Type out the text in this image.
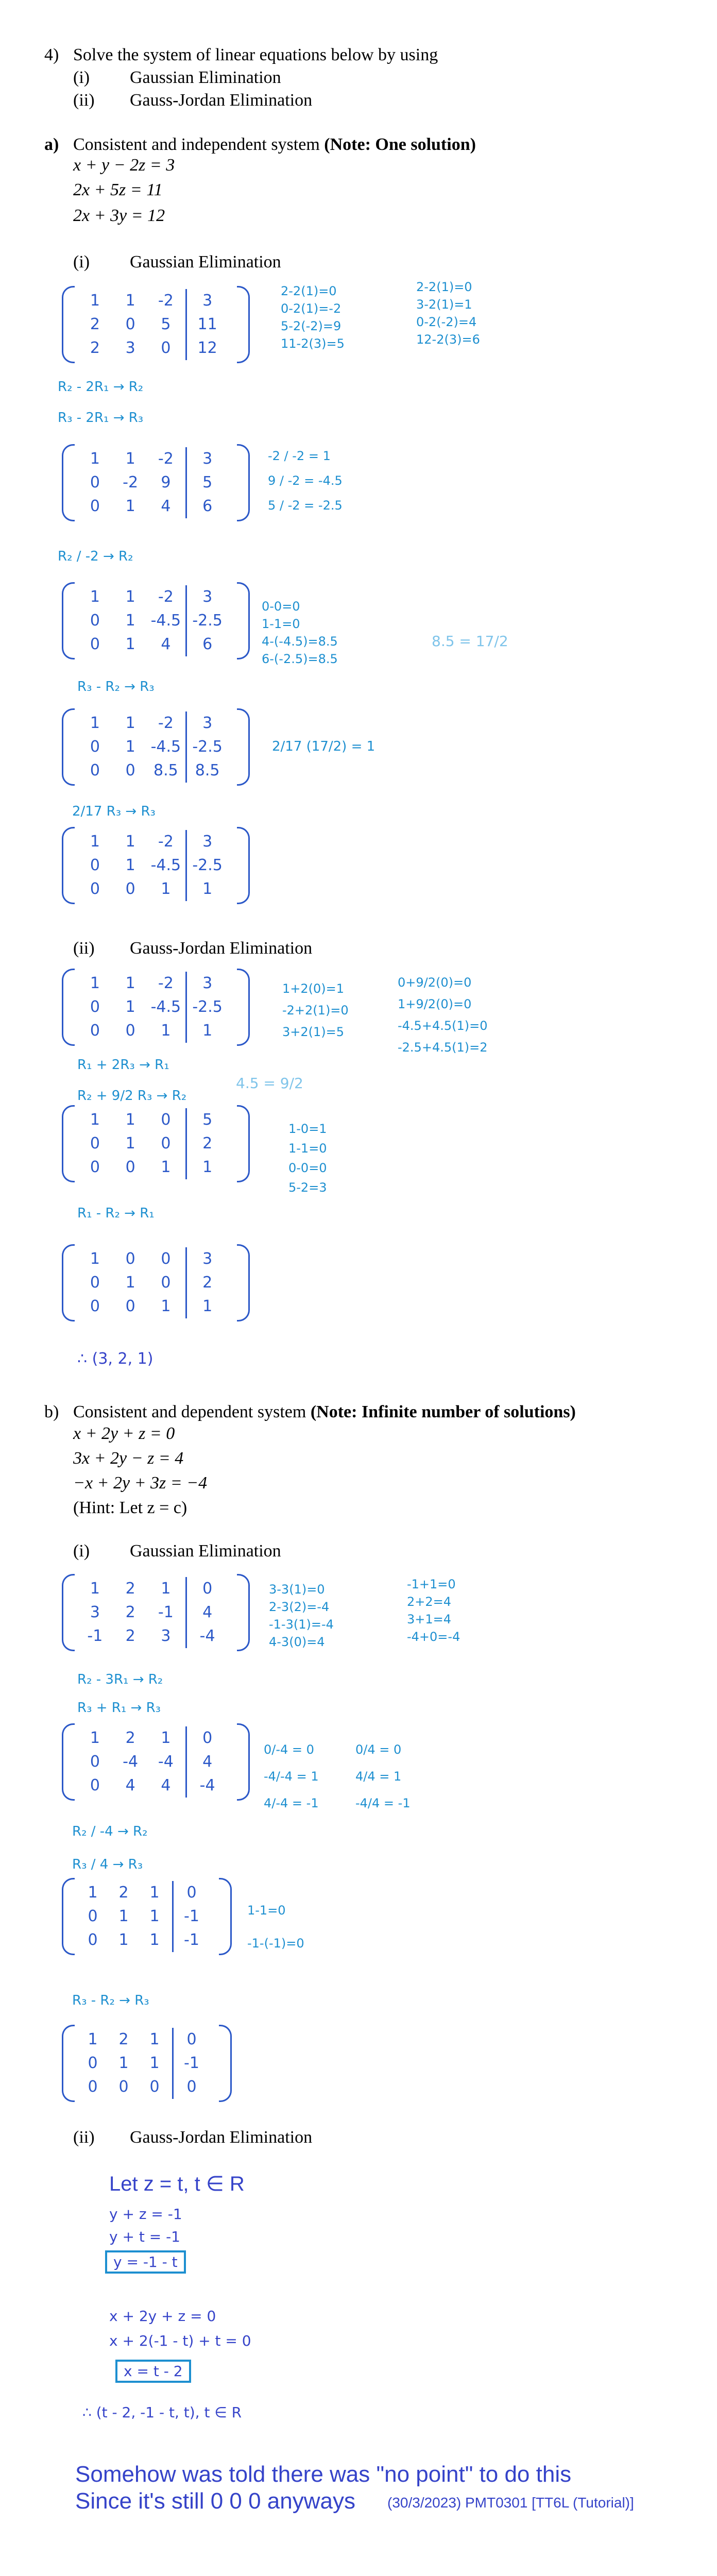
4) Solve the system of linear equations below by using
(i) Gaussian Elimination
(ii) Gauss-Jordan Elimination
a) Consistent and independent system (Note: One solution)
x + y − 2z = 3
2x + 5z = 11
2x + 3y = 12
(i) Gaussian Elimination
1	1	-2	3
2	0	5	11
2	3	0	12
1	1	-2	3
0	-2	9	5
0	1	4	6
1	1	-2	3
0	1 -4.5 -2.5
0	1	4	6
1	1	-2	3
0	1 -4.5 -2.5
0	0	8.5	8.5
1	1	-2	3
0	1 -4.5 -2.5
0	0	1	1
2-2(1)=0
0-2(1)=-2
5-2(-2)=9
11-2(3)=5
2-2(1)=0
3-2(1)=1
0-2(-2)=4
12-2(3)=6
R₂ - 2R₁ → R₂
R₃ - 2R₁ → R₃
-2 / -2 = 1
9 / -2 = -4.5
5 / -2 = -2.5
R₂ / -2 → R₂
0-0=0
1-1=0
4-(-4.5)=8.5
6-(-2.5)=8.5
8.5 = 17/2
R₃ - R₂ → R₃
2/17 (17/2) = 1
2/17 R₃ → R₃
(ii) Gauss-Jordan Elimination
1	1	-2	3
0	1 -4.5 -2.5
0	0	1	1
1	1	0	5
0	1	0	2
0	0	1	1
1	0	0	3
0	1	0	2
0	0	1	1
1+2(0)=1
-2+2(1)=0
3+2(1)=5
0+9/2(0)=0
1+9/2(0)=0
-4.5+4.5(1)=0
-2.5+4.5(1)=2
R₁ + 2R₃ → R₁
R₂ + 9/2 R₃ → R₂
4.5 = 9/2
1-0=1
1-1=0
0-0=0
5-2=3
R₁ - R₂ → R₁
∴ (3, 2, 1)
b) Consistent and dependent system (Note: Infinite number of solutions)
x + 2y + z = 0
3x + 2y − z = 4
−x + 2y + 3z = −4
(Hint: Let z = c)
(i) Gaussian Elimination
1	2	1	0
3	2	-1	4
-1	2	3	-4
1	2	1	0
0	-4	-4	4
0	4	4	-4
1	2	1	0
0	1	1	-1
0	1	1	-1
1	2	1	0
0	1	1	-1
0	0	0	0
3-3(1)=0
2-3(2)=-4
-1-3(1)=-4
4-3(0)=4
-1+1=0
2+2=4
3+1=4
-4+0=-4
R₂ - 3R₁ → R₂
R₃ + R₁ → R₃
0/-4 = 0
-4/-4 = 1
4/-4 = -1
0/4 = 0
4/4 = 1
-4/4 = -1
R₂ / -4 → R₂
R₃ / 4 → R₃
1-1=0
-1-(-1)=0
R₃ - R₂ → R₃
(ii) Gauss-Jordan Elimination
Let z = t, t ∈ R
y + z = -1
y + t = -1
y = -1 - t
x + 2y + z = 0
x + 2(-1 - t) + t = 0
x = t - 2
∴ (t - 2, -1 - t, t), t ∈ R
Somehow was told there was "no point" to do this
Since it's still 0 0 0 anyways (30/3/2023) PMT0301 [TT6L (Tutorial)]
